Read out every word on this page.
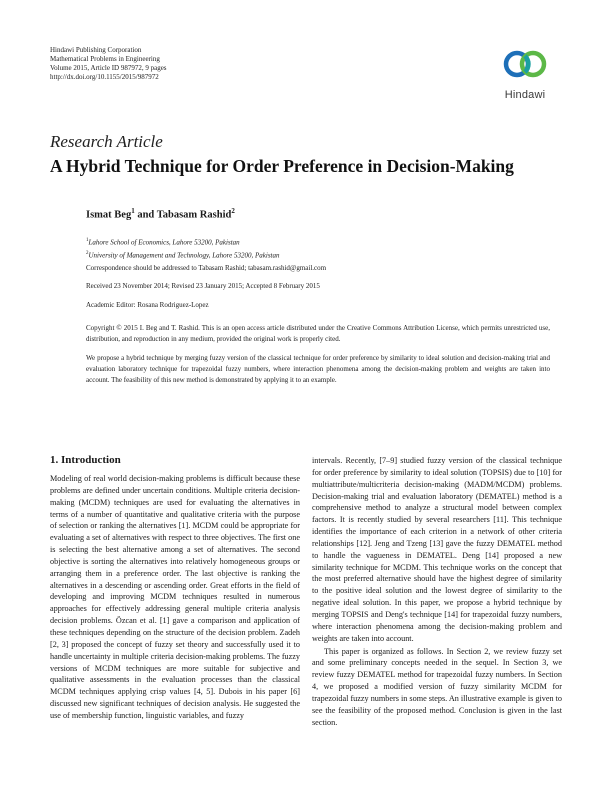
Hindawi Publishing Corporation
Mathematical Problems in Engineering
Volume 2015, Article ID 987972, 9 pages
http://dx.doi.org/10.1155/2015/987972
Hindawi
Research Article
A Hybrid Technique for Order Preference in Decision-Making
Ismat Beg$^1$ and Tabasam Rashid$^2$
$^1$Lahore School of Economics, Lahore 53200, Pakistan
$^2$University of Management and Technology, Lahore 53200, Pakistan
Correspondence should be addressed to Tabasam Rashid; tabasam.rashid@gmail.com
Received 23 November 2014; Revised 23 January 2015; Accepted 8 February 2015
Academic Editor: Rosana Rodriguez-Lopez
Copyright © 2015 I. Beg and T. Rashid. This is an open access article distributed under the Creative Commons Attribution License, which permits unrestricted use, distribution, and reproduction in any medium, provided the original work is properly cited.
We propose a hybrid technique by merging fuzzy version of the classical technique for order preference by similarity to ideal solution and decision-making trial and evaluation laboratory technique for trapezoidal fuzzy numbers, where interaction phenomena among the decision-making problem and weights are taken into account. The feasibility of this new method is demonstrated by applying it to an example.
1. Introduction

Modeling of real world decision-making problems is difficult because these problems are defined under uncertain conditions. Multiple criteria decision-making (MCDM) techniques are used for evaluating the alternatives in terms of a number of quantitative and qualitative criteria with the purpose of selection or ranking the alternatives [1]. MCDM could be appropriate for evaluating a set of alternatives with respect to three objectives. The first one is selecting the best alternative among a set of alternatives. The second objective is sorting the alternatives into relatively homogeneous groups or arranging them in a preference order. The last objective is ranking the alternatives in a descending or ascending order. Great efforts in the field of developing and improving MCDM techniques resulted in numerous approaches for effectively addressing general multiple criteria analysis decision problems. Özcan et al. [1] gave a comparison and application of these techniques depending on the structure of the decision problem. Zadeh [2, 3] proposed the concept of fuzzy set theory and successfully used it to handle uncertainty in multiple criteria decision-making problems. The fuzzy versions of MCDM techniques are more suitable for subjective and qualitative assessments in the evaluation processes than the classical MCDM techniques applying crisp values [4, 5]. Dubois in his paper [6] discussed new significant techniques of decision analysis. He suggested the use of membership function, linguistic variables, and fuzzy

intervals. Recently, [7–9] studied fuzzy version of the classical technique for order preference by similarity to ideal solution (TOPSIS) due to [10] for multiattribute/multicriteria decision-making (MADM/MCDM) problems. Decision-making trial and evaluation laboratory (DEMATEL) method is a comprehensive method to analyze a structural model between complex factors. It is recently studied by several researchers [11]. This technique identifies the importance of each criterion in a network of other criteria relationships [12]. Jeng and Tzeng [13] gave the fuzzy DEMATEL method to handle the vagueness in DEMATEL. Deng [14] proposed a new similarity technique for MCDM. This technique works on the concept that the most preferred alternative should have the highest degree of similarity to the positive ideal solution and the lowest degree of similarity to the negative ideal solution. In this paper, we propose a hybrid technique by merging TOPSIS and Deng's technique [14] for trapezoidal fuzzy numbers, where interaction phenomena among the decision-making problem and weights are taken into account.

This paper is organized as follows. In Section 2, we review fuzzy set and some preliminary concepts needed in the sequel. In Section 3, we review fuzzy DEMATEL method for trapezoidal fuzzy numbers. In Section 4, we proposed a modified version of fuzzy similarity MCDM for trapezoidal fuzzy numbers in some steps. An illustrative example is given to see the feasibility of the proposed method. Conclusion is given in the last section.
